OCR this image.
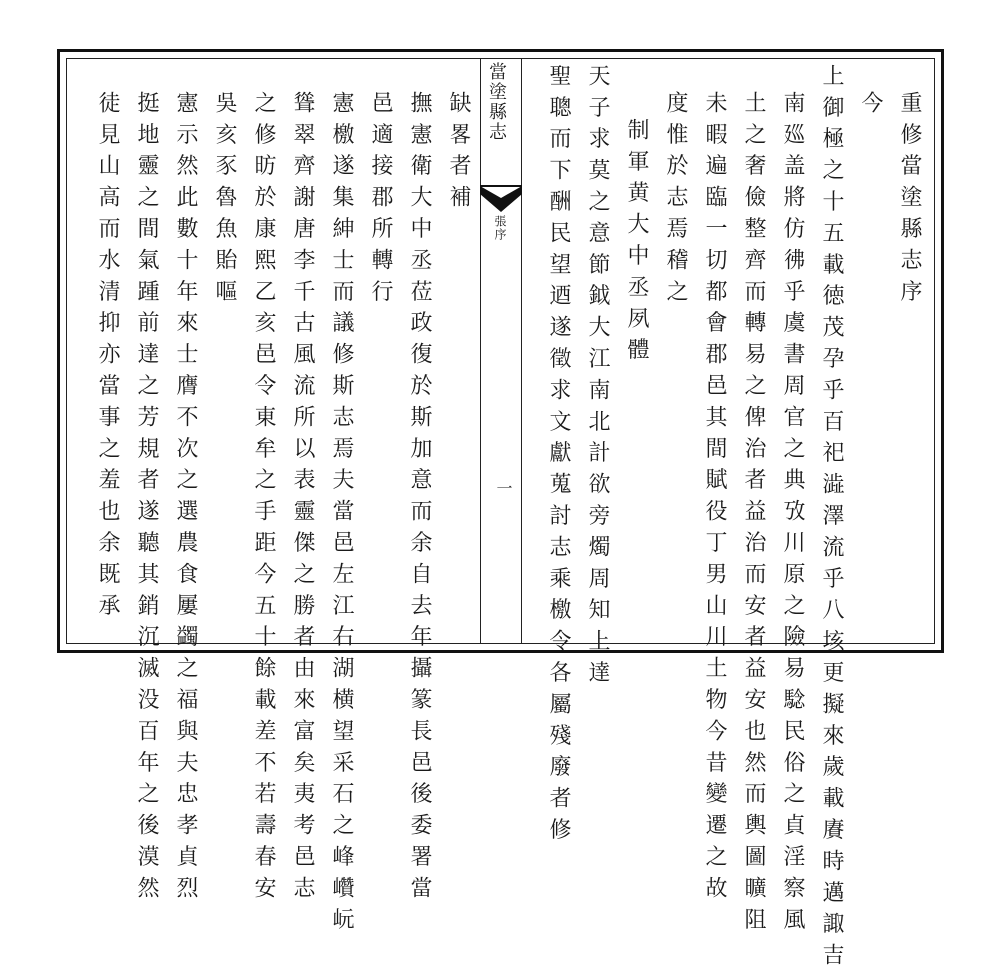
當塗縣志
張序
一
重修當塗縣志序
今
上御極之十五載徳茂孕乎百祀澁澤流乎八垓更擬來歲載賡時邁諏吉
南廵盖將仿彿乎虞書周官之典攷川原之險易騐民俗之貞淫察風
土之奢儉整齊而轉易之俾治者益治而安者益安也然而輿圖曠阻
未暇遍臨一切都會郡邑其間賦役丁男山川土物今昔變遷之故
度惟於志焉稽之
制軍黄大中丞夙體
天子求莫之意節鉞大江南北計欲旁燭周知上達
聖聰而下酬民望迺遂徵求文獻蒐討志乘檄令各屬殘廢者修
缺畧者補
撫憲衛大中丞莅政復於斯加意而余自去年攝篆長邑後委署當
邑適接郡所轉行
憲檄遂集紳士而議修斯志焉夫當邑左江右湖横望采石之峰巑岏
聳翠齊謝唐李千古風流所以表靈傑之勝者由來富矣夷考邑志
之修昉於康熙乙亥邑令東牟之手距今五十餘載差不若壽春安
吳亥豕魯魚貽嘔
憲示然此數十年來士膺不次之選農食屢蠲之福與夫忠孝貞烈
挺地靈之間氣踵前達之芳規者遂聽其銷沉滅没百年之後漠然
徒見山高而水清抑亦當事之羞也余既承
